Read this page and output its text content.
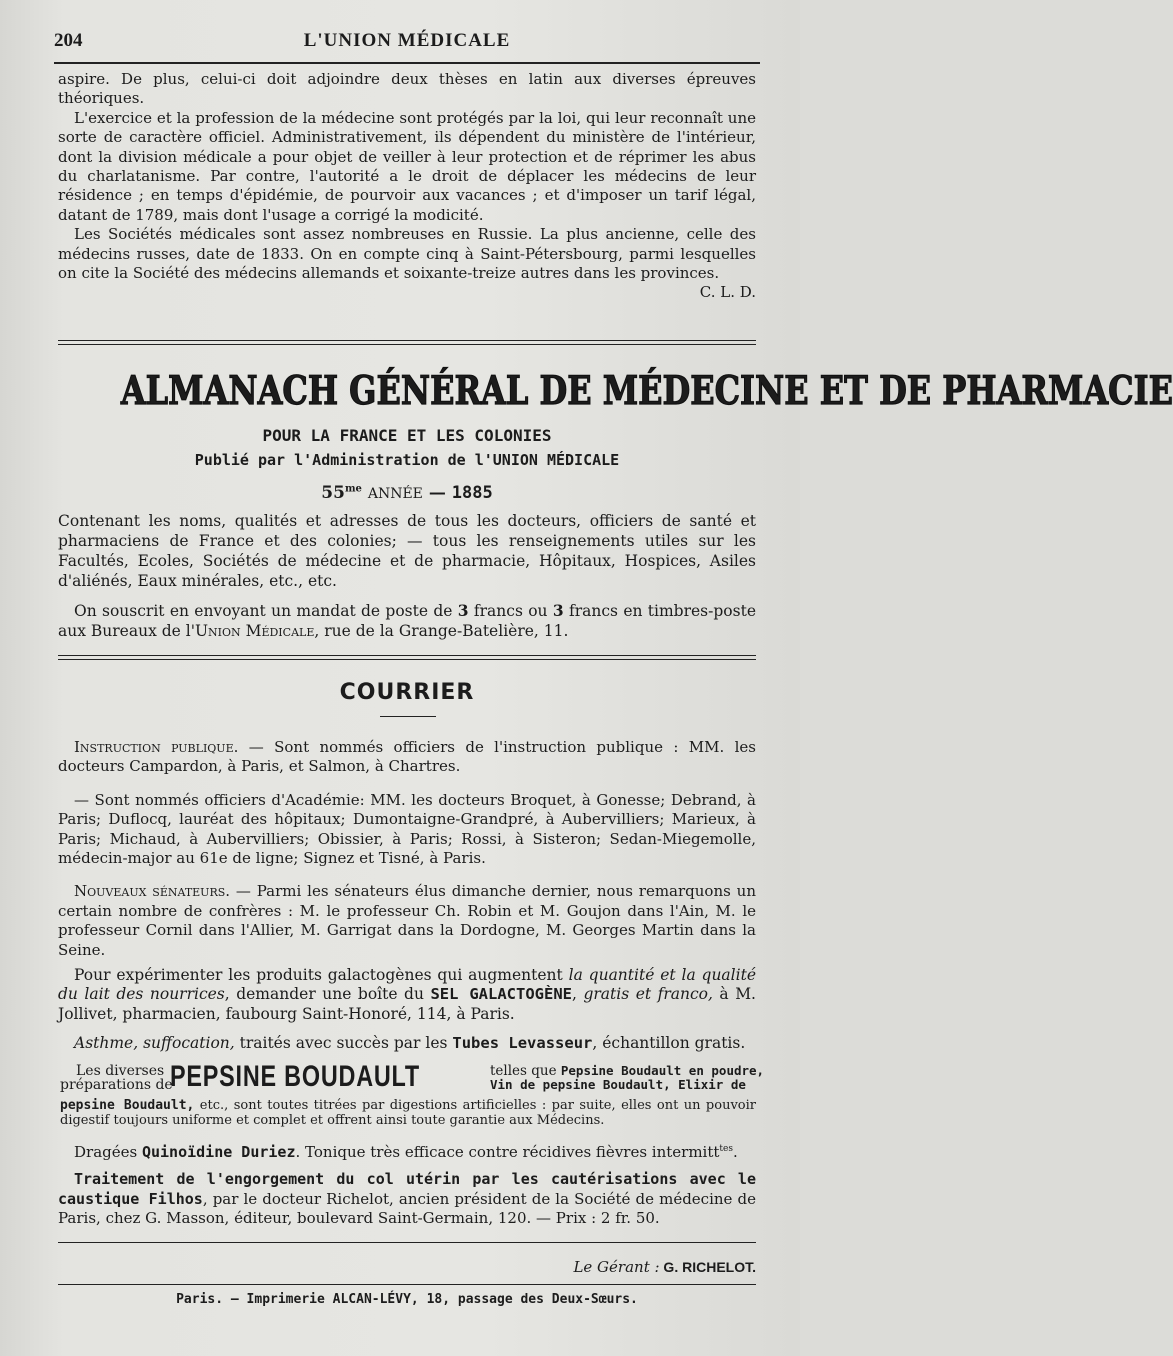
204	L'UNION MÉDICALE

aspire. De plus, celui-ci doit adjoindre deux thèses en latin aux diverses épreuves théoriques.

L'exercice et la profession de la médecine sont protégés par la loi, qui leur reconnaît une sorte de caractère officiel. Administrativement, ils dépendent du ministère de l'intérieur, dont la division médicale a pour objet de veiller à leur protection et de réprimer les abus du charlatanisme. Par contre, l'autorité a le droit de déplacer les médecins de leur résidence ; en temps d'épidémie, de pourvoir aux vacances ; et d'imposer un tarif légal, datant de 1789, mais dont l'usage a corrigé la modicité.

Les Sociétés médicales sont assez nombreuses en Russie. La plus ancienne, celle des médecins russes, date de 1833. On en compte cinq à Saint-Pétersbourg, parmi lesquelles on cite la Société des médecins allemands et soixante-treize autres dans les provinces.

C. L. D.

ALMANACH GÉNÉRAL DE MÉDECINE ET DE PHARMACIE
POUR LA FRANCE ET LES COLONIES
Publié par l'Administration de l'UNION MÉDICALE
$55^{me}$ ANNÉE — 1885

Contenant les noms, qualités et adresses de tous les docteurs, officiers de santé et pharmaciens de France et des colonies; — tous les renseignements utiles sur les Facultés, Ecoles, Sociétés de médecine et de pharmacie, Hôpitaux, Hospices, Asiles d'aliénés, Eaux minérales, etc., etc.

On souscrit en envoyant un mandat de poste de 3 francs ou 3 francs en timbres-poste aux Bureaux de l'Union Médicale, rue de la Grange-Batelière, 11.

COURRIER

Instruction publique. — Sont nommés officiers de l'instruction publique : MM. les docteurs Campardon, à Paris, et Salmon, à Chartres.

— Sont nommés officiers d'Académie: MM. les docteurs Broquet, à Gonesse; Debrand, à Paris; Duflocq, lauréat des hôpitaux; Dumontaigne-Grandpré, à Aubervilliers; Marieux, à Paris; Michaud, à Aubervilliers; Obissier, à Paris; Rossi, à Sisteron; Sedan-Miegemolle, médecin-major au 61e de ligne; Signez et Tisné, à Paris.

Nouveaux sénateurs. — Parmi les sénateurs élus dimanche dernier, nous remarquons un certain nombre de confrères : M. le professeur Ch. Robin et M. Goujon dans l'Ain, M. le professeur Cornil dans l'Allier, M. Garrigat dans la Dordogne, M. Georges Martin dans la Seine.

Pour expérimenter les produits galactogènes qui augmentent la quantité et la qualité du lait des nourrices, demander une boîte du SEL GALACTOGÈNE, gratis et franco, à M. Jollivet, pharmacien, faubourg Saint-Honoré, 114, à Paris.

Asthme, suffocation, traités avec succès par les Tubes Levasseur, échantillon gratis.

Les diverses
préparations de
PEPSINE BOUDAULT	telles que Pepsine Boudault en poudre,
Vin de pepsine Boudault, Elixir de

pepsine Boudault, etc., sont toutes titrées par digestions artificielles : par suite, elles ont un pouvoir digestif toujours uniforme et complet et offrent ainsi toute garantie aux Médecins.

Dragées Quinoïdine Duriez. Tonique très efficace contre récidives fièvres intermitt$^{tes}$.

Traitement de l'engorgement du col utérin par les cautérisations avec le caustique Filhos, par le docteur Richelot, ancien président de la Société de médecine de Paris, chez G. Masson, éditeur, boulevard Saint-Germain, 120. — Prix : 2 fr. 50.

Le Gérant : G. RICHELOT.
Paris. — Imprimerie ALCAN-LÉVY, 18, passage des Deux-Sœurs.
